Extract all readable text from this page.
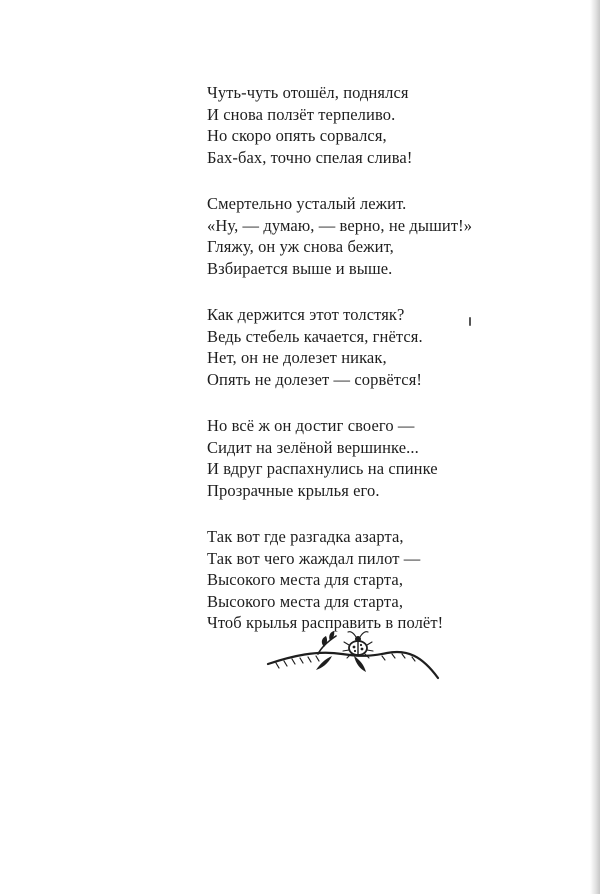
Чуть-чуть отошёл, поднялся
И снова ползёт терпеливо.
Но скоро опять сорвался,
Бах-бах, точно спелая слива!
Смертельно усталый лежит.
«Ну, — думаю, — верно, не дышит!»
Гляжу, он уж снова бежит,
Взбирается выше и выше.
Как держится этот толстяк?
Ведь стебель качается, гнётся.
Нет, он не долезет никак,
Опять не долезет — сорвётся!
Но всё ж он достиг своего —
Сидит на зелёной вершинке...
И вдруг распахнулись на спинке
Прозрачные крылья его.
Так вот где разгадка азарта,
Так вот чего жаждал пилот —
Высокого места для старта,
Высокого места для старта,
Чтоб крылья расправить в полёт!
